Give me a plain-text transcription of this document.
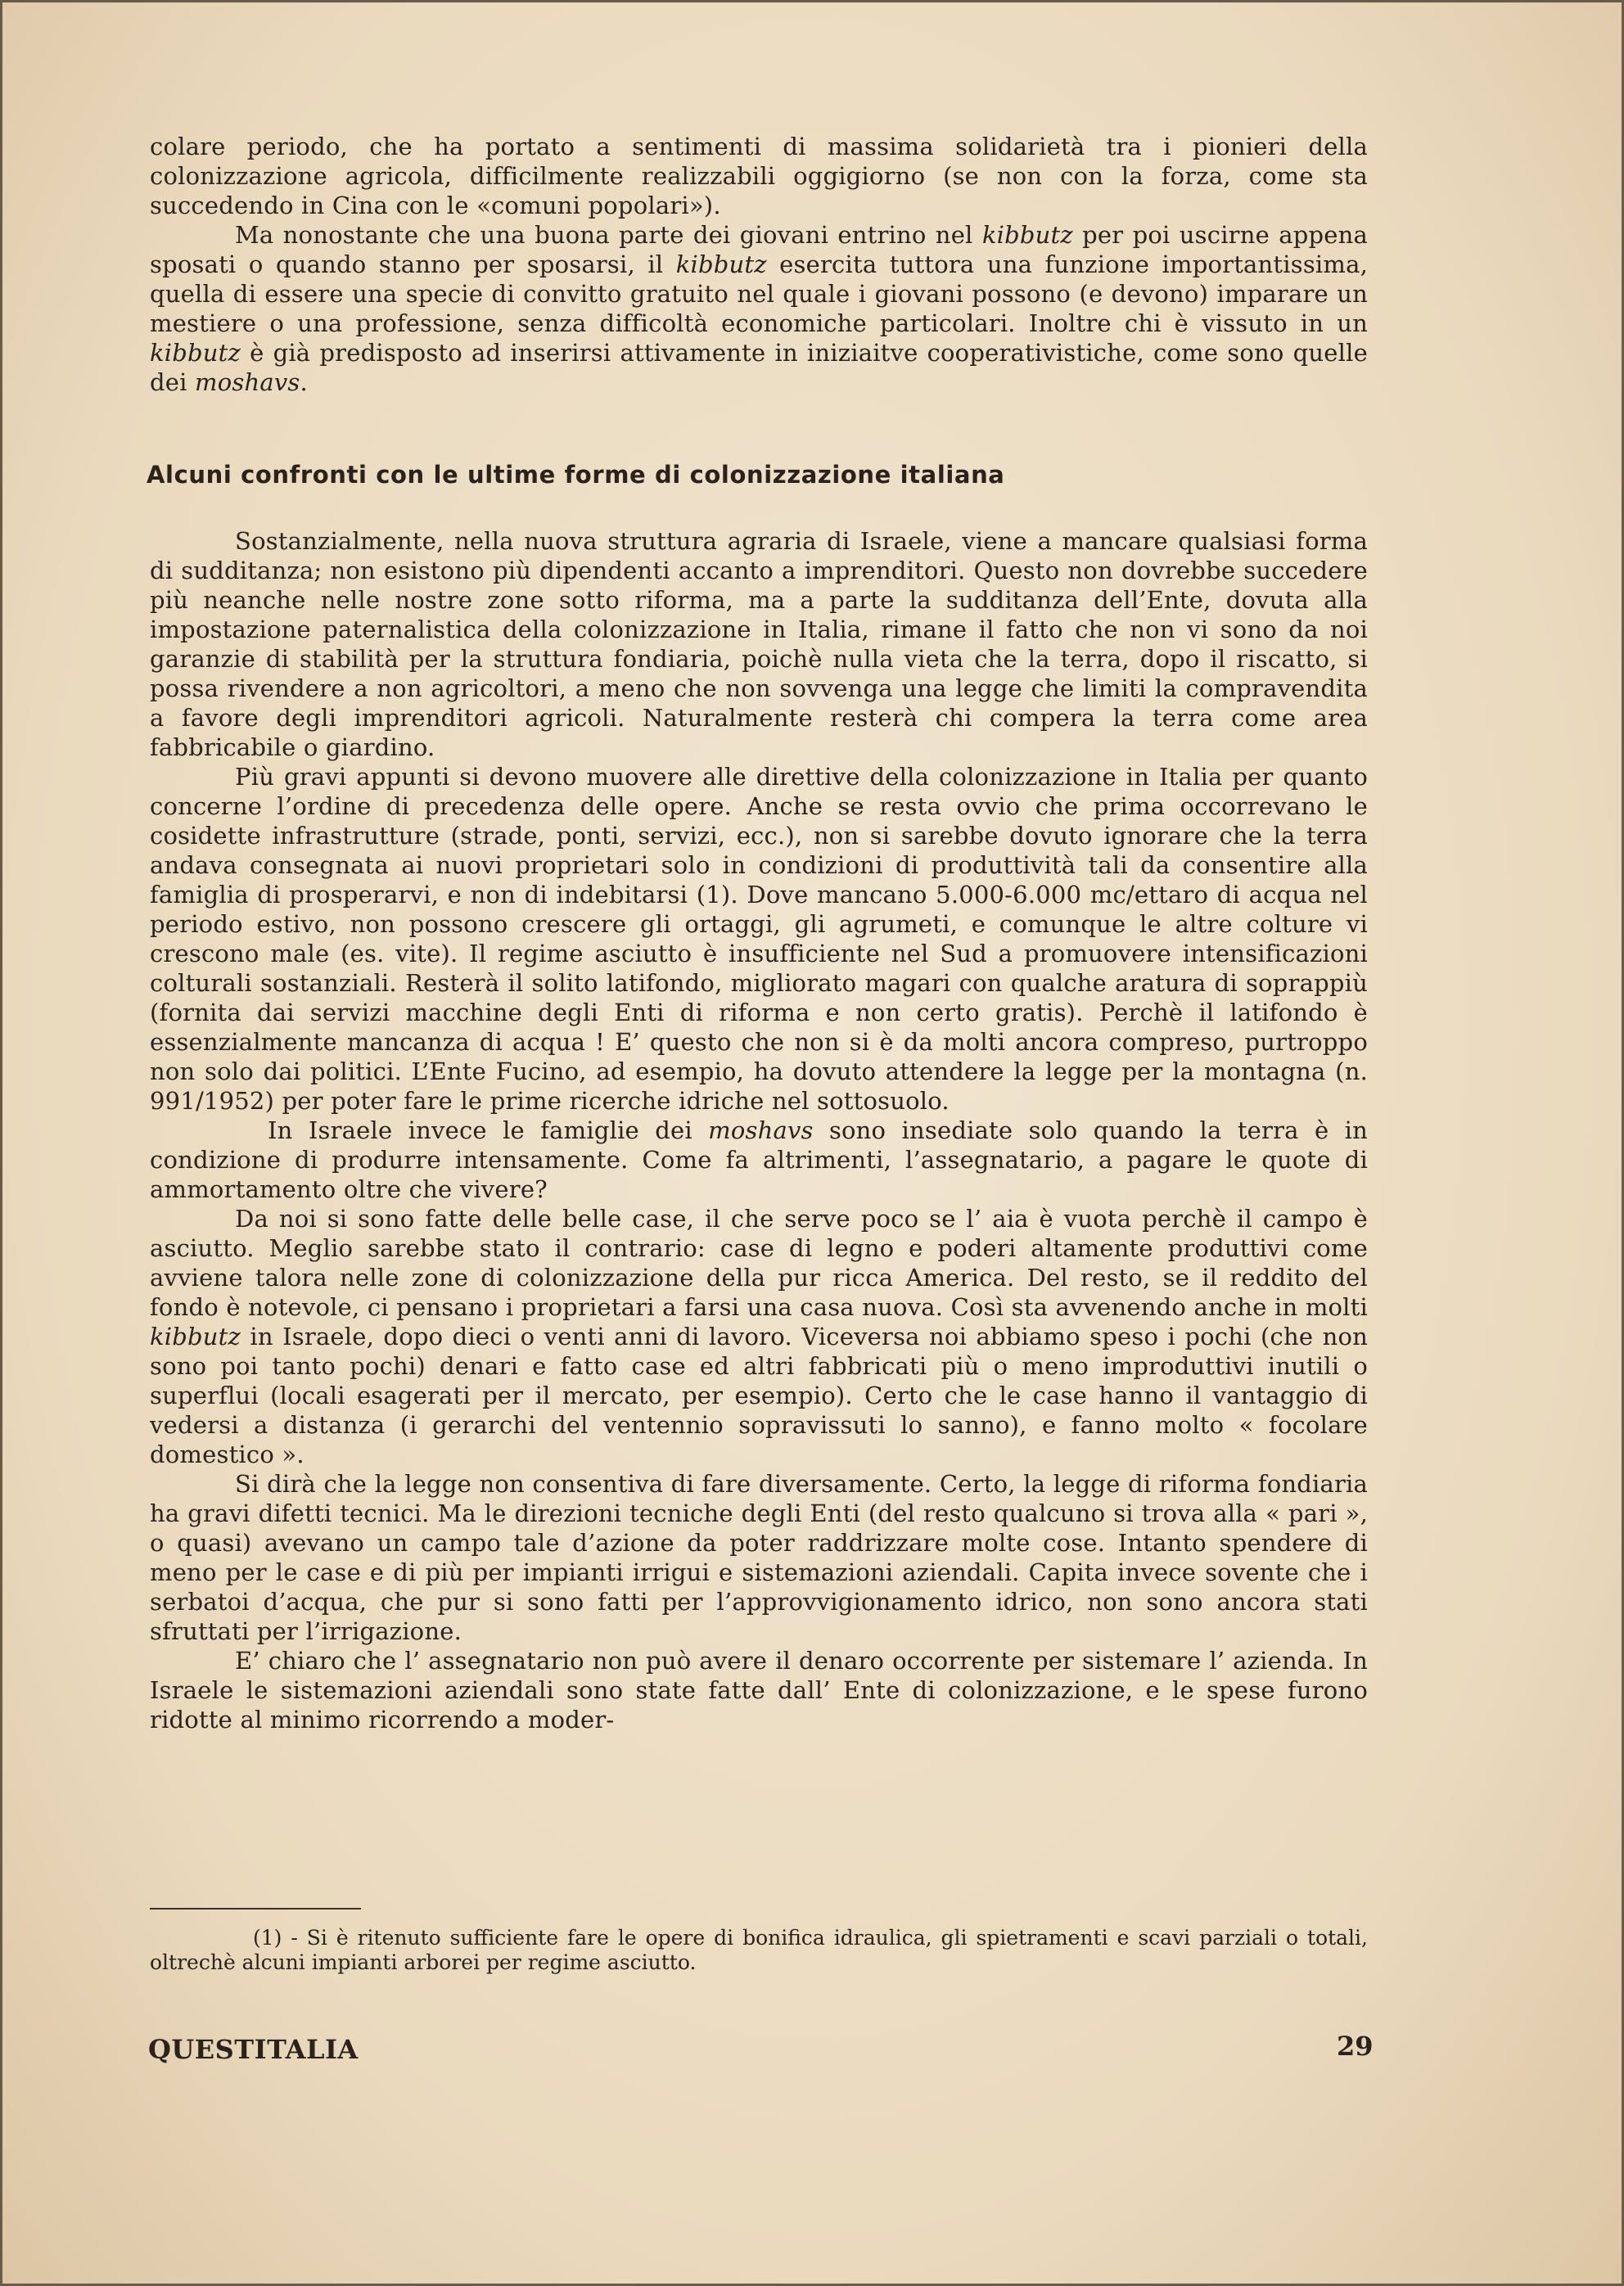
colare periodo, che ha portato a sentimenti di massima solidarietà tra i pionieri della colonizzazione agricola, difficilmente realizzabili oggigiorno (se non con la forza, come sta succedendo in Cina con le «comuni popolari»).

Ma nonostante che una buona parte dei giovani entrino nel kibbutz per poi uscirne appena sposati o quando stanno per sposarsi, il kibbutz esercita tuttora una funzione importantissima, quella di essere una specie di convitto gratuito nel quale i giovani possono (e devono) imparare un mestiere o una professione, senza difficoltà economiche particolari. Inoltre chi è vissuto in un kibbutz è già predisposto ad inserirsi attivamente in iniziaitve cooperativistiche, come sono quelle dei moshavs.

Alcuni confronti con le ultime forme di colonizzazione italiana

Sostanzialmente, nella nuova struttura agraria di Israele, viene a mancare qualsiasi forma di sudditanza; non esistono più dipendenti accanto a imprenditori. Questo non dovrebbe succedere più neanche nelle nostre zone sotto riforma, ma a parte la sudditanza dell’Ente, dovuta alla impostazione paternalistica della colonizzazione in Italia, rimane il fatto che non vi sono da noi garanzie di stabilità per la struttura fondiaria, poichè nulla vieta che la terra, dopo il riscatto, si possa rivendere a non agricoltori, a meno che non sovvenga una legge che limiti la compravendita a favore degli imprenditori agricoli. Naturalmente resterà chi compera la terra come area fabbricabile o giardino.

Più gravi appunti si devono muovere alle direttive della colonizzazione in Italia per quanto concerne l’ordine di precedenza delle opere. Anche se resta ovvio che prima occorrevano le cosidette infrastrutture (strade, ponti, servizi, ecc.), non si sarebbe dovuto ignorare che la terra andava consegnata ai nuovi proprietari solo in condizioni di produttività tali da consentire alla famiglia di prosperarvi, e non di indebitarsi (1). Dove mancano 5.000-6.000 mc/ettaro di acqua nel periodo estivo, non possono crescere gli ortaggi, gli agrumeti, e comunque le altre colture vi crescono male (es. vite). Il regime asciutto è insufficiente nel Sud a promuovere intensificazioni colturali sostanziali. Resterà il solito latifondo, migliorato magari con qualche aratura di soprappiù (fornita dai servizi macchine degli Enti di riforma e non certo gratis). Perchè il latifondo è essenzialmente mancanza di acqua ! E’ questo che non si è da molti ancora compreso, purtroppo non solo dai politici. L’Ente Fucino, ad esempio, ha dovuto attendere la legge per la montagna (n. 991/1952) per poter fare le prime ricerche idriche nel sottosuolo.

In Israele invece le famiglie dei moshavs sono insediate solo quando la terra è in condizione di produrre intensamente. Come fa altrimenti, l’assegnatario, a pagare le quote di ammortamento oltre che vivere?

Da noi si sono fatte delle belle case, il che serve poco se l’ aia è vuota perchè il campo è asciutto. Meglio sarebbe stato il contrario: case di legno e poderi altamente produttivi come avviene talora nelle zone di colonizzazione della pur ricca America. Del resto, se il reddito del fondo è notevole, ci pensano i proprietari a farsi una casa nuova. Così sta avvenendo anche in molti kibbutz in Israele, dopo dieci o venti anni di lavoro. Viceversa noi abbiamo speso i pochi (che non sono poi tanto pochi) denari e fatto case ed altri fabbricati più o meno improduttivi inutili o superflui (locali esagerati per il mercato, per esempio). Certo che le case hanno il vantaggio di vedersi a distanza (i gerarchi del ventennio sopravissuti lo sanno), e fanno molto « focolare domestico ».

Si dirà che la legge non consentiva di fare diversamente. Certo, la legge di riforma fondiaria ha gravi difetti tecnici. Ma le direzioni tecniche degli Enti (del resto qualcuno si trova alla « pari », o quasi) avevano un campo tale d’azione da poter raddrizzare molte cose. Intanto spendere di meno per le case e di più per impianti irrigui e sistemazioni aziendali. Capita invece sovente che i serbatoi d’acqua, che pur si sono fatti per l’approvvigionamento idrico, non sono ancora stati sfruttati per l’irrigazione.

E’ chiaro che l’ assegnatario non può avere il denaro occorrente per sistemare l’ azienda. In Israele le sistemazioni aziendali sono state fatte dall’ Ente di colonizzazione, e le spese furono ridotte al minimo ricorrendo a moder-

(1) - Si è ritenuto sufficiente fare le opere di bonifica idraulica, gli spietramenti e scavi parziali o totali, oltrechè alcuni impianti arborei per regime asciutto.

QUESTITALIA	29
